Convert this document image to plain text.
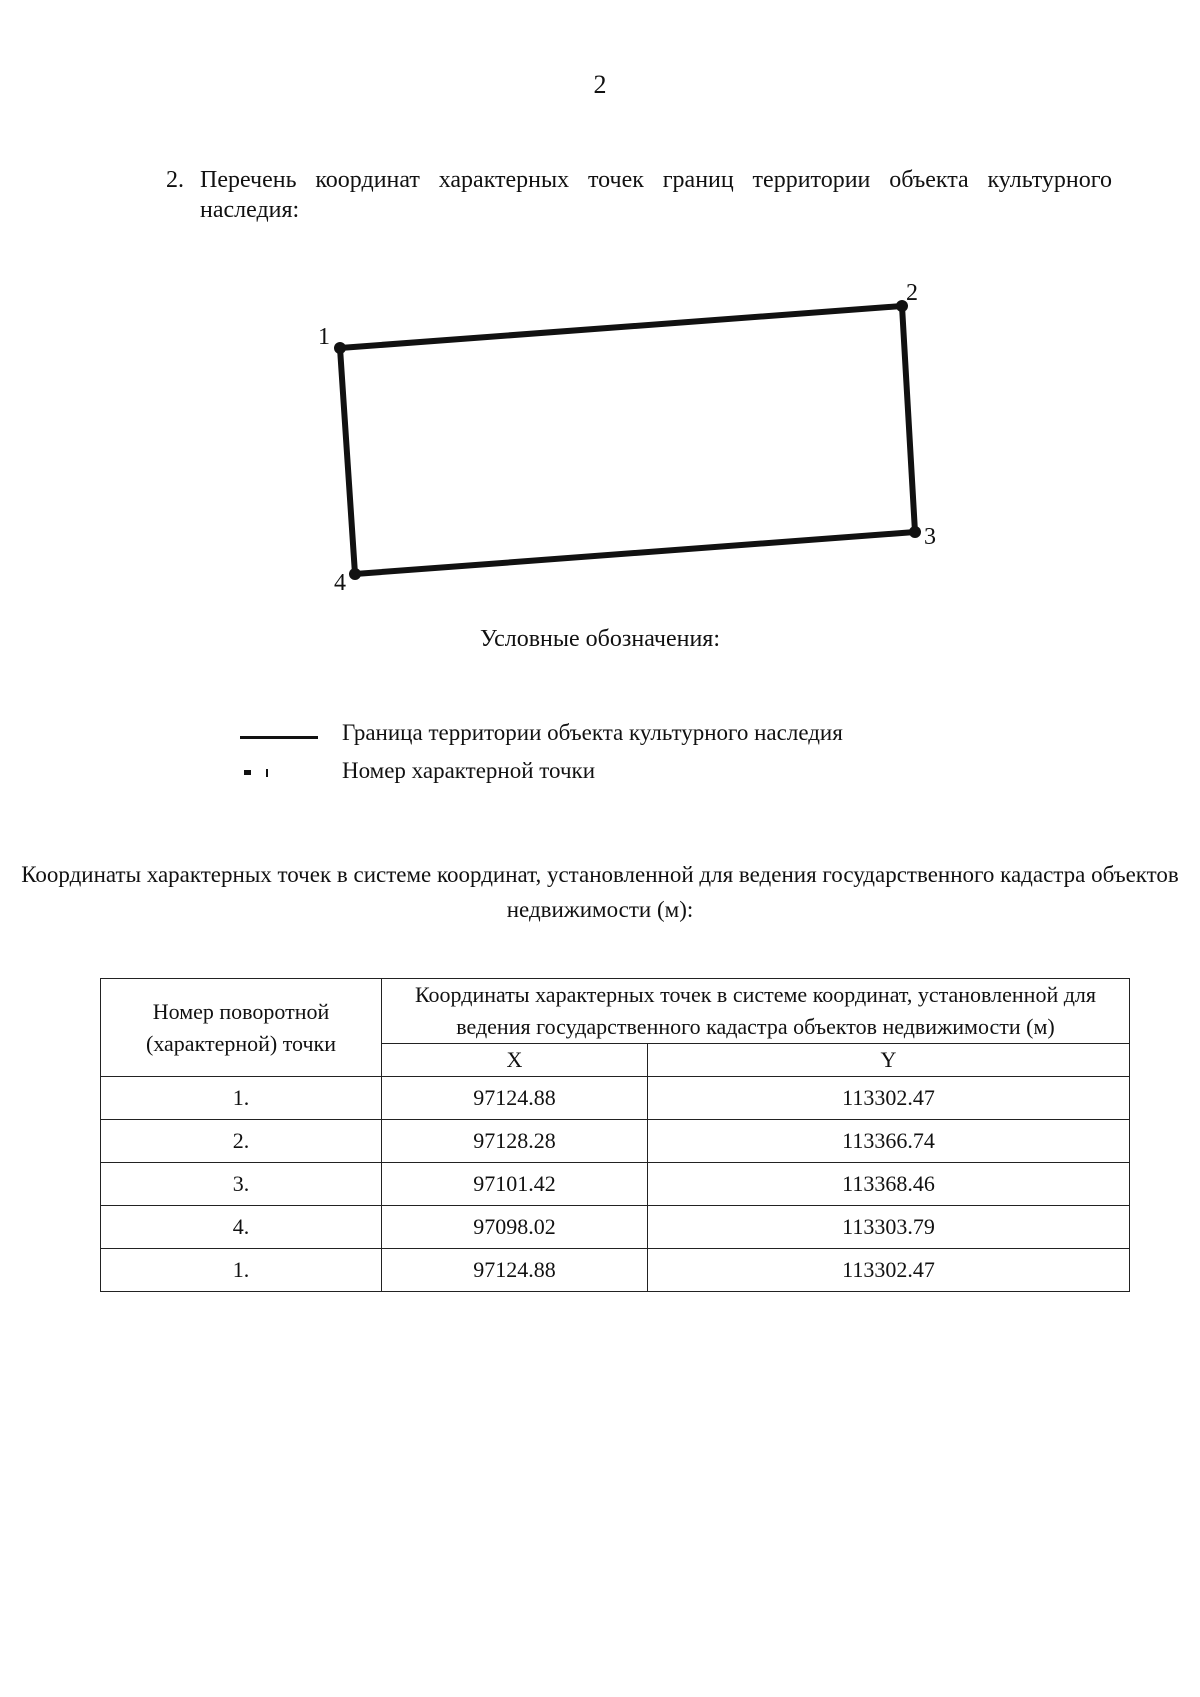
2
2. Перечень координат характерных точек границ территории объекта культурного наследия:
1
2
3
4
Условные обозначения:
Граница территории объекта культурного наследия
Номер характерной точки
Координаты характерных точек в системе координат, установленной для ведения государственного кадастра объектов недвижимости (м):
Номер поворотной (характерной) точки	Координаты характерных точек в системе координат, установленной для ведения государственного кадастра объектов недвижимости (м)	
	X	Y
1.	97124.88	113302.47
2.	97128.28	113366.74
3.	97101.42	113368.46
4.	97098.02	113303.79
1.	97124.88	113302.47
